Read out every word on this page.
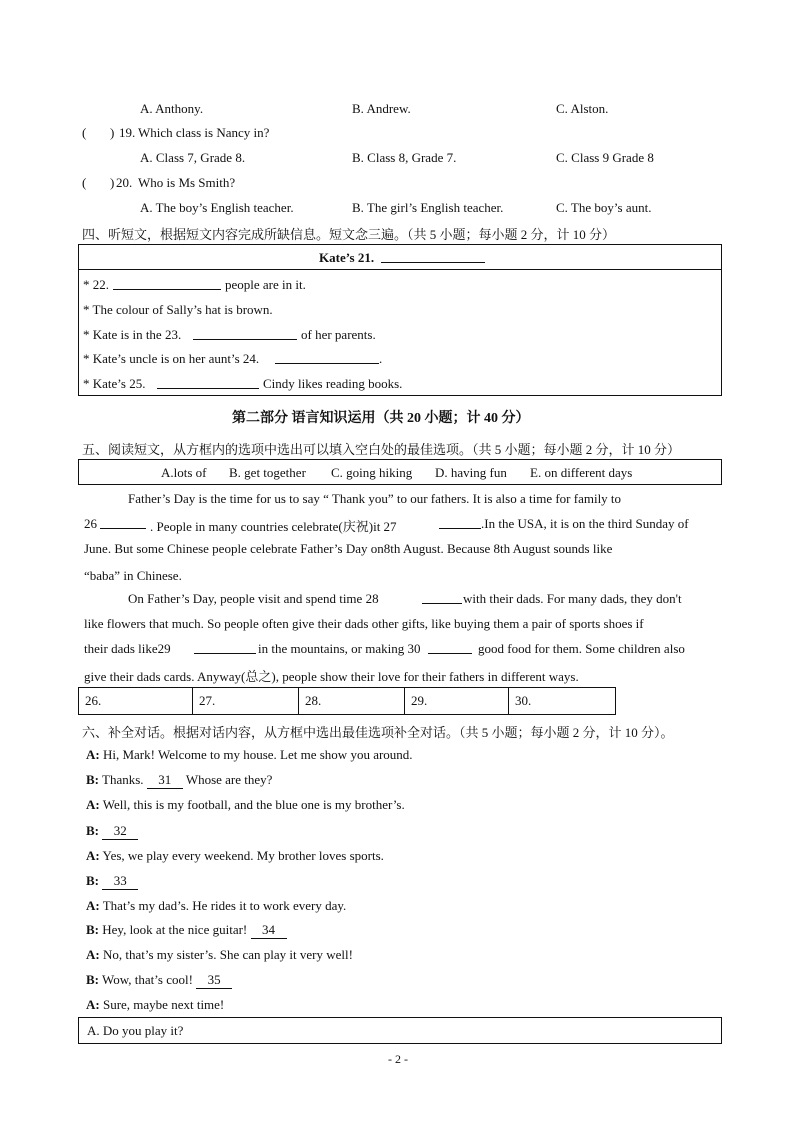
A. Anthony.	B. Andrew.	C. Alston.
( ) 19. Which class is Nancy in?
A. Class 7, Grade 8.	B. Class 8, Grade 7.	C. Class 9 Grade 8
( ) 20. Who is Ms Smith?
A. The boy’s English teacher.	B. The girl’s English teacher.	C. The boy’s aunt.
四、听短文，根据短文内容完成所缺信息。短文念三遍。（共 5 小题；每小题 2 分，计 10 分）
Kate’s 21.
* 22.	people are in it.
* The colour of Sally’s hat is brown.
* Kate is in the 23.	of her parents.
* Kate’s uncle is on her aunt’s 24.	.
* Kate’s 25.	Cindy likes reading books.
第二部分 语言知识运用（共 20 小题；计 40 分）
五、阅读短文，从方框内的选项中选出可以填入空白处的最佳选项。（共 5 小题；每小题 2 分，计 10 分）
A.lots of B. get together C. going hiking D. having fun E. on different days
Father’s Day is the time for us to say “ Thank you” to our fathers. It is also a time for family to
26	. People in many countries celebrate(庆祝)it 27	.In the USA, it is on the third Sunday of
June. But some Chinese people celebrate Father’s Day on8th August. Because 8th August sounds like
“baba” in Chinese.
On Father’s Day, people visit and spend time 28	with their dads. For many dads, they don't
like flowers that much. So people often give their dads other gifts, like buying them a pair of sports shoes if
their dads like29	in the mountains, or making 30	good food for them. Some children also
give their dads cards. Anyway(总之), people show their love for their fathers in different ways.
26.	27.	28.	29.	30.
六、补全对话。根据对话内容，从方框中选出最佳选项补全对话。（共 5 小题；每小题 2 分，计 10 分）。
A: Hi, Mark! Welcome to my house. Let me show you around.
B: Thanks. 31 Whose are they?
A: Well, this is my football, and the blue one is my brother’s.
B: 32
A: Yes, we play every weekend. My brother loves sports.
B: 33
A: That’s my dad’s. He rides it to work every day.
B: Hey, look at the nice guitar! 34
A: No, that’s my sister’s. She can play it very well!
B: Wow, that’s cool! 35
A: Sure, maybe next time!
A. Do you play it?
- 2 -
